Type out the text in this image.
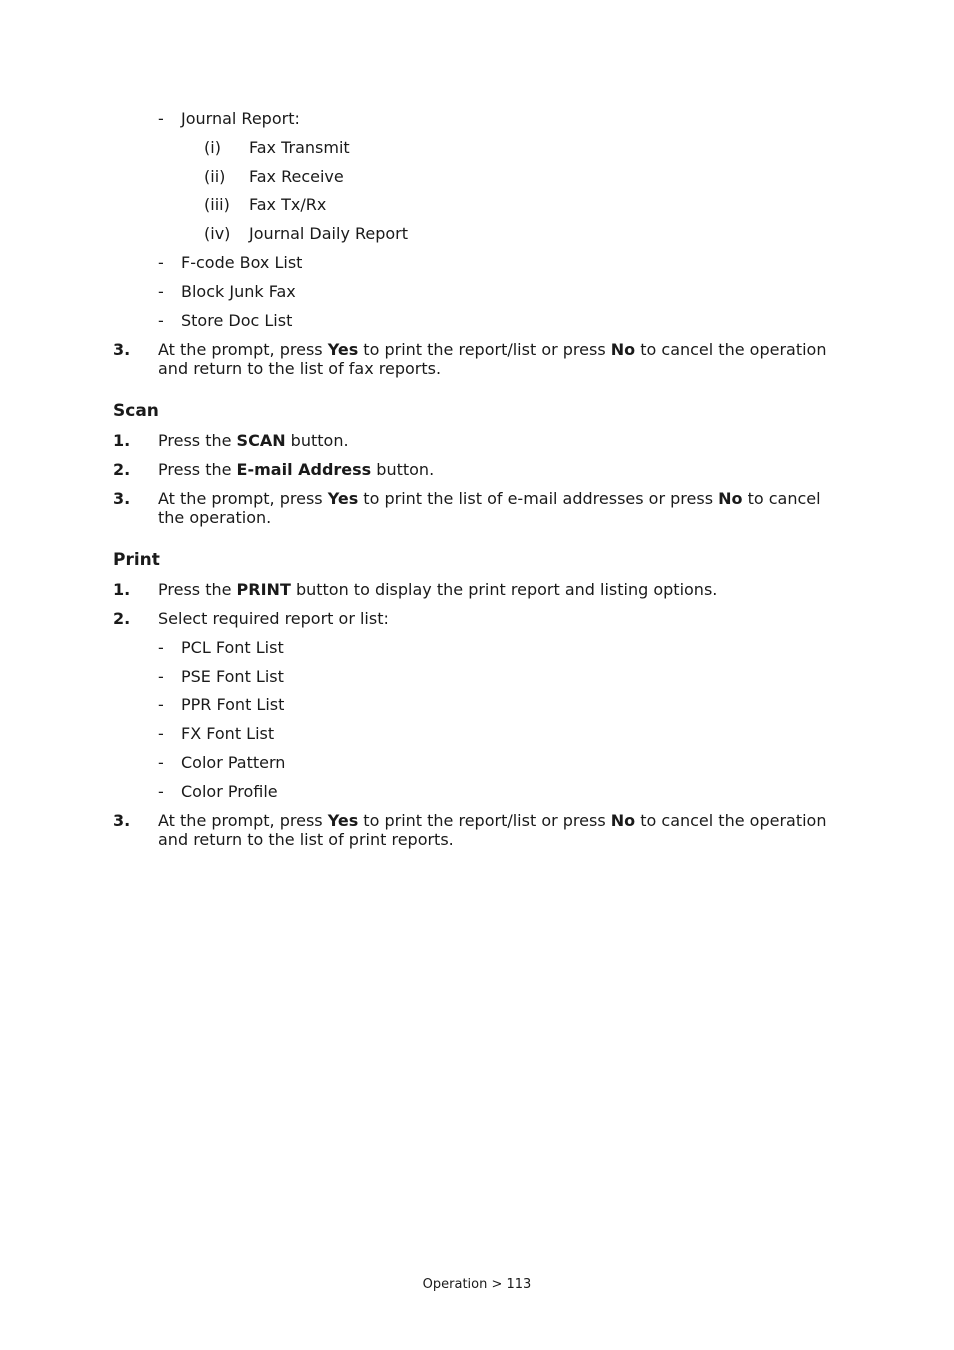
- Journal Report:
(i) Fax Transmit
(ii) Fax Receive
(iii) Fax Tx/Rx
(iv) Journal Daily Report
- F-code Box List
- Block Junk Fax
- Store Doc List
3. At the prompt, press Yes to print the report/list or press No to cancel the operation and return to the list of fax reports.
Scan
1. Press the SCAN button.
2. Press the E-mail Address button.
3. At the prompt, press Yes to print the list of e-mail addresses or press No to cancel the operation.
Print
1. Press the PRINT button to display the print report and listing options.
2. Select required report or list:
- PCL Font List
- PSE Font List
- PPR Font List
- FX Font List
- Color Pattern
- Color Profile
3. At the prompt, press Yes to print the report/list or press No to cancel the operation and return to the list of print reports.
Operation > 113
